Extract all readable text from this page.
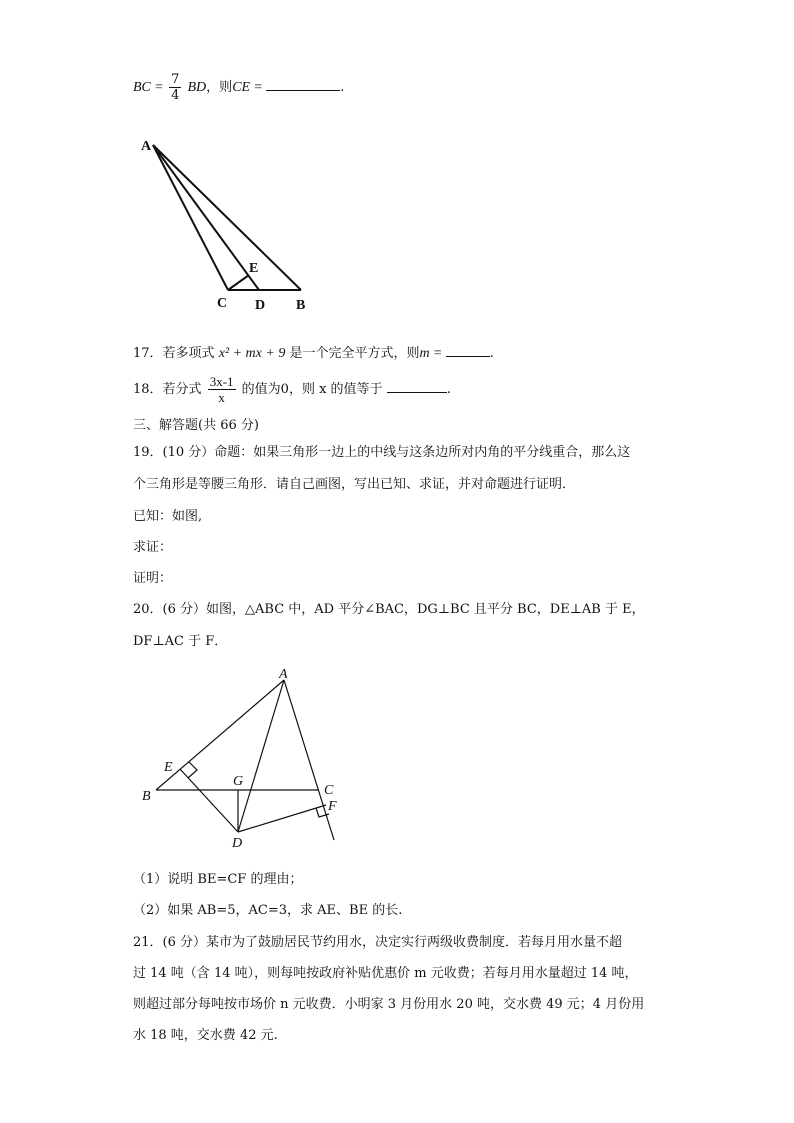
BC = $\frac{7}{4}$ BD，则CE =	.
A
E
C D B
17．若多项式 x² + mx + 9 是一个完全平方式，则m =	.
18．若分式 $\frac{3x-1}{x}$ 的值为0，则 x 的值等于	.
三、解答题(共 66 分)
19．(10 分）命题：如果三角形一边上的中线与这条边所对内角的平分线重合，那么这
个三角形是等腰三角形．请自己画图，写出已知、求证，并对命题进行证明．
已知：如图,
求证：
证明：
20．(6 分）如图，△ABC 中，AD 平分∠BAC，DG⊥BC 且平分 BC，DE⊥AB 于 E，
DF⊥AC 于 F．
A
E
G
C
B
F
D
（1）说明 BE=CF 的理由；
（2）如果 AB=5，AC=3，求 AE、BE 的长.
21．(6 分）某市为了鼓励居民节约用水，决定实行两级收费制度．若每月用水量不超
过 14 吨（含 14 吨），则每吨按政府补贴优惠价 m 元收费；若每月用水量超过 14 吨，
则超过部分每吨按市场价 n 元收费．小明家 3 月份用水 20 吨，交水费 49 元；4 月份用
水 18 吨，交水费 42 元.
